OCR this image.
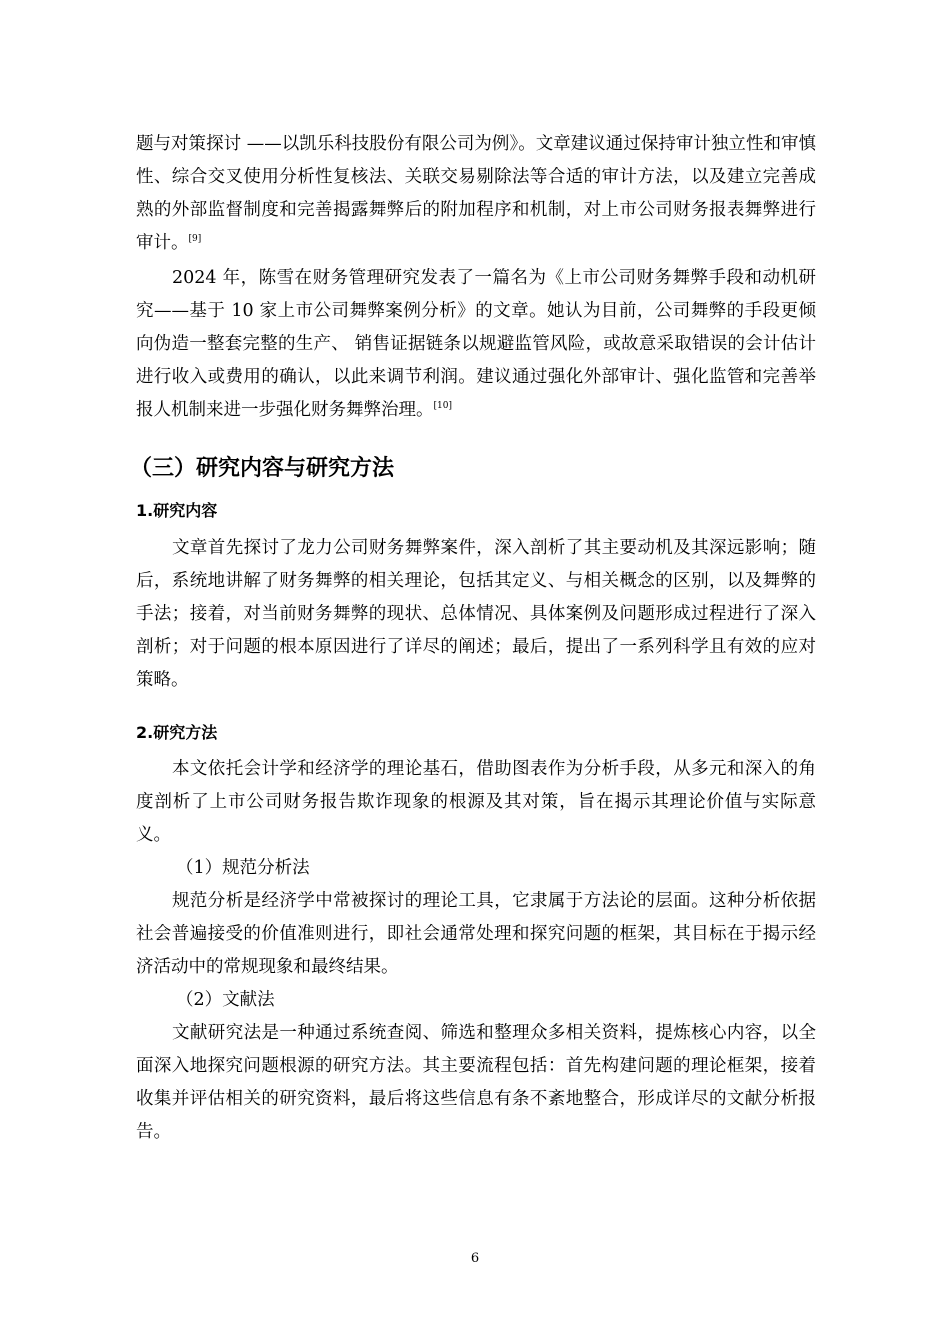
题与对策探讨 ——以凯乐科技股份有限公司为例》。文章建议通过保持审计独立性和审慎性、综合交叉使用分析性复核法、关联交易剔除法等合适的审计方法，以及建立完善成熟的外部监督制度和完善揭露舞弊后的附加程序和机制，对上市公司财务报表舞弊进行审计。[9]

2024 年，陈雪在财务管理研究发表了一篇名为《上市公司财务舞弊手段和动机研究——基于 10 家上市公司舞弊案例分析》的文章。她认为目前，公司舞弊的手段更倾向伪造一整套完整的生产、 销售证据链条以规避监管风险，或故意采取错误的会计估计进行收入或费用的确认，以此来调节利润。建议通过强化外部审计、强化监管和完善举报人机制来进一步强化财务舞弊治理。[10]

（三）研究内容与研究方法
1.研究内容

文章首先探讨了龙力公司财务舞弊案件，深入剖析了其主要动机及其深远影响；随后，系统地讲解了财务舞弊的相关理论，包括其定义、与相关概念的区别，以及舞弊的手法；接着，对当前财务舞弊的现状、总体情况、具体案例及问题形成过程进行了深入剖析；对于问题的根本原因进行了详尽的阐述；最后，提出了一系列科学且有效的应对策略。

2.研究方法

本文依托会计学和经济学的理论基石，借助图表作为分析手段，从多元和深入的角度剖析了上市公司财务报告欺诈现象的根源及其对策，旨在揭示其理论价值与实际意义。

（1）规范分析法

规范分析是经济学中常被探讨的理论工具，它隶属于方法论的层面。这种分析依据社会普遍接受的价值准则进行，即社会通常处理和探究问题的框架，其目标在于揭示经济活动中的常规现象和最终结果。

（2）文献法

文献研究法是一种通过系统查阅、筛选和整理众多相关资料，提炼核心内容，以全面深入地探究问题根源的研究方法。其主要流程包括：首先构建问题的理论框架，接着收集并评估相关的研究资料，最后将这些信息有条不紊地整合，形成详尽的文献分析报告。

6
